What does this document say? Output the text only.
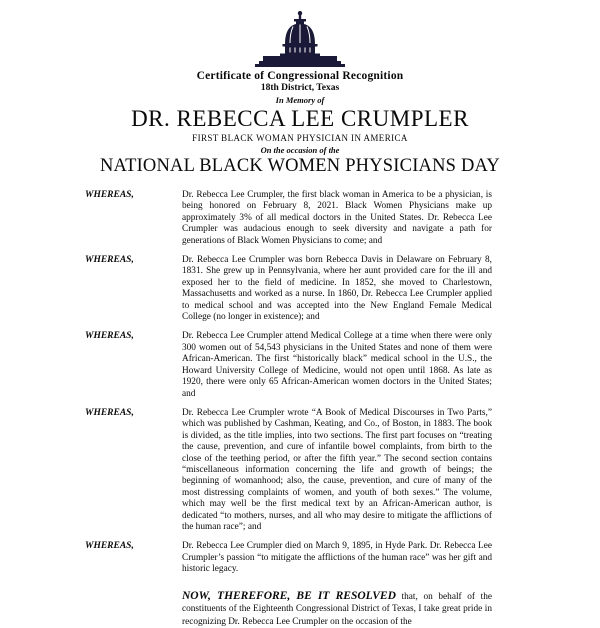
Certificate of Congressional Recognition
18th District, Texas
In Memory of
DR. REBECCA LEE CRUMPLER
FIRST BLACK WOMAN PHYSICIAN IN AMERICA
On the occasion of the
NATIONAL BLACK WOMEN PHYSICIANS DAY
WHEREAS,	Dr. Rebecca Lee Crumpler, the first black woman in America to be a physician, is being honored on February 8, 2021. Black Women Physicians make up approximately 3% of all medical doctors in the United States. Dr. Rebecca Lee Crumpler was audacious enough to seek diversity and navigate a path for generations of Black Women Physicians to come; and
WHEREAS,	Dr. Rebecca Lee Crumpler was born Rebecca Davis in Delaware on February 8, 1831. She grew up in Pennsylvania, where her aunt provided care for the ill and exposed her to the field of medicine. In 1852, she moved to Charlestown, Massachusetts and worked as a nurse. In 1860, Dr. Rebecca Lee Crumpler applied to medical school and was accepted into the New England Female Medical College (no longer in existence); and
WHEREAS,	Dr. Rebecca Lee Crumpler attend Medical College at a time when there were only 300 women out of 54,543 physicians in the United States and none of them were African-American. The first “historically black” medical school in the U.S., the Howard University College of Medicine, would not open until 1868. As late as 1920, there were only 65 African-American women doctors in the United States; and
WHEREAS,	Dr. Rebecca Lee Crumpler wrote “A Book of Medical Discourses in Two Parts,” which was published by Cashman, Keating, and Co., of Boston, in 1883. The book is divided, as the title implies, into two sections. The first part focuses on “treating the cause, prevention, and cure of infantile bowel complaints, from birth to the close of the teething period, or after the fifth year.” The second section contains “miscellaneous information concerning the life and growth of beings; the beginning of womanhood; also, the cause, prevention, and cure of many of the most distressing complaints of women, and youth of both sexes.” The volume, which may well be the first medical text by an African-American author, is dedicated “to mothers, nurses, and all who may desire to mitigate the afflictions of the human race”; and
WHEREAS,	Dr. Rebecca Lee Crumpler died on March 9, 1895, in Hyde Park. Dr. Rebecca Lee Crumpler’s passion “to mitigate the afflictions of the human race” was her gift and historic legacy.
NOW, THEREFORE, BE IT RESOLVED that, on behalf of the constituents of the Eighteenth Congressional District of Texas, I take great pride in recognizing Dr. Rebecca Lee Crumpler on the occasion of the
